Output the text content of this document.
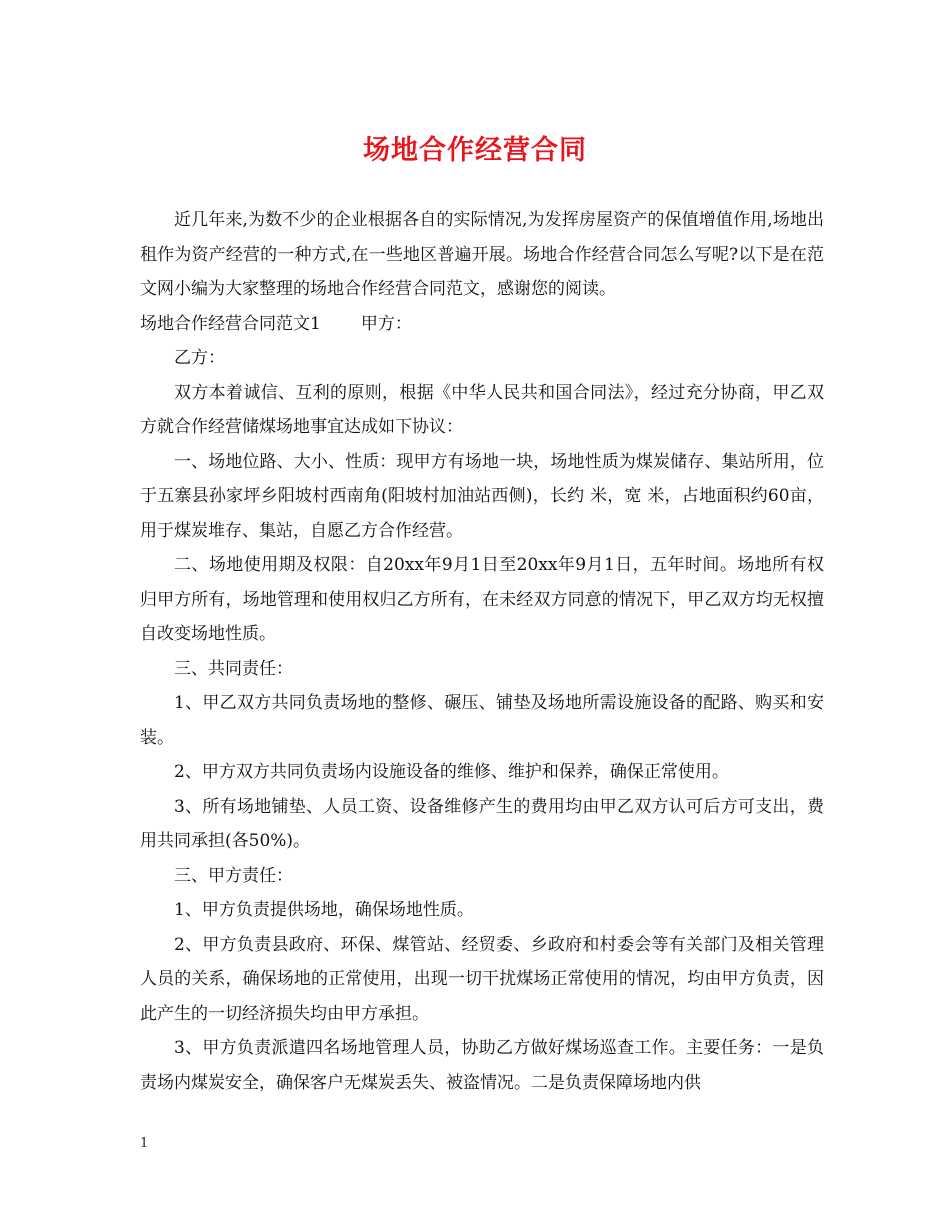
场地合作经营合同

近几年来,为数不少的企业根据各自的实际情况,为发挥房屋资产的保值增值作用,场地出租作为资产经营的一种方式,在一些地区普遍开展。场地合作经营合同怎么写呢?以下是在范文网小编为大家整理的场地合作经营合同范文，感谢您的阅读。

场地合作经营合同范文1 甲方：

乙方：

双方本着诚信、互利的原则，根据《中华人民共和国合同法》，经过充分协商，甲乙双方就合作经营储煤场地事宜达成如下协议：

一、场地位路、大小、性质：现甲方有场地一块，场地性质为煤炭储存、集站所用，位于五寨县孙家坪乡阳坡村西南角(阳坡村加油站西侧)，长约 米，宽 米，占地面积约60亩，用于煤炭堆存、集站，自愿乙方合作经营。

二、场地使用期及权限：自20xx年9月1日至20xx年9月1日，五年时间。场地所有权归甲方所有，场地管理和使用权归乙方所有，在未经双方同意的情况下，甲乙双方均无权擅自改变场地性质。

三、共同责任：

1、甲乙双方共同负责场地的整修、碾压、铺垫及场地所需设施设备的配路、购买和安装。

2、甲方双方共同负责场内设施设备的维修、维护和保养，确保正常使用。

3、所有场地铺垫、人员工资、设备维修产生的费用均由甲乙双方认可后方可支出，费用共同承担(各50%)。

三、甲方责任：

1、甲方负责提供场地，确保场地性质。

2、甲方负责县政府、环保、煤管站、经贸委、乡政府和村委会等有关部门及相关管理人员的关系，确保场地的正常使用，出现一切干扰煤场正常使用的情况，均由甲方负责，因此产生的一切经济损失均由甲方承担。

3、甲方负责派遣四名场地管理人员，协助乙方做好煤场巡查工作。主要任务：一是负责场内煤炭安全，确保客户无煤炭丢失、被盗情况。二是负责保障场地内供

1
